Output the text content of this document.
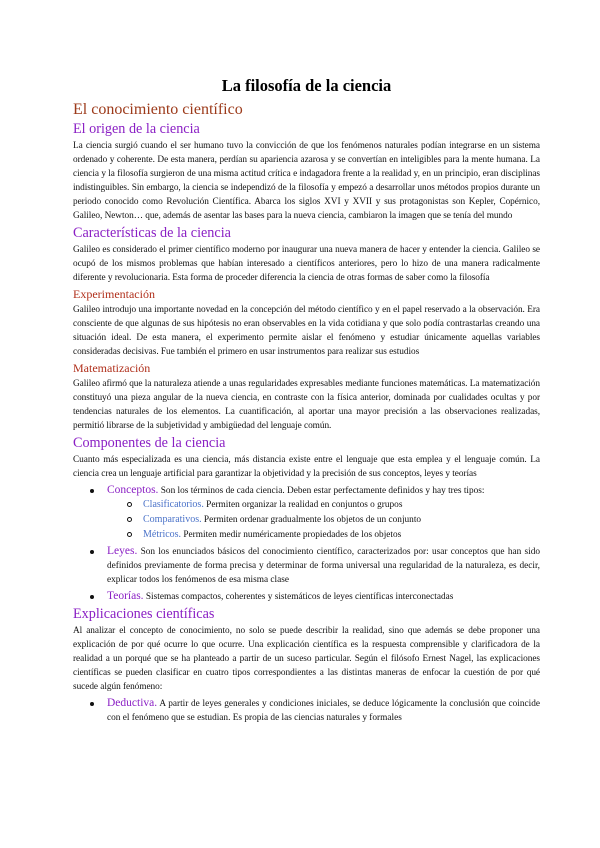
La filosofía de la ciencia
El conocimiento científico
El origen de la ciencia

La ciencia surgió cuando el ser humano tuvo la convicción de que los fenómenos naturales podían integrarse en un sistema ordenado y coherente. De esta manera, perdían su apariencia azarosa y se convertían en inteligibles para la mente humana. La ciencia y la filosofía surgieron de una misma actitud crítica e indagadora frente a la realidad y, en un principio, eran disciplinas indistinguibles. Sin embargo, la ciencia se independizó de la filosofía y empezó a desarrollar unos métodos propios durante un periodo conocido como Revolución Científica. Abarca los siglos XVI y XVII y sus protagonistas son Kepler, Copérnico, Galileo, Newton… que, además de asentar las bases para la nueva ciencia, cambiaron la imagen que se tenía del mundo

Características de la ciencia

Galileo es considerado el primer científico moderno por inaugurar una nueva manera de hacer y entender la ciencia. Galileo se ocupó de los mismos problemas que habían interesado a científicos anteriores, pero lo hizo de una manera radicalmente diferente y revolucionaria. Esta forma de proceder diferencia la ciencia de otras formas de saber como la filosofía

Experimentación

Galileo introdujo una importante novedad en la concepción del método científico y en el papel reservado a la observación. Era consciente de que algunas de sus hipótesis no eran observables en la vida cotidiana y que solo podía contrastarlas creando una situación ideal. De esta manera, el experimento permite aislar el fenómeno y estudiar únicamente aquellas variables consideradas decisivas. Fue también el primero en usar instrumentos para realizar sus estudios

Matematización

Galileo afirmó que la naturaleza atiende a unas regularidades expresables mediante funciones matemáticas. La matematización constituyó una pieza angular de la nueva ciencia, en contraste con la física anterior, dominada por cualidades ocultas y por tendencias naturales de los elementos. La cuantificación, al aportar una mayor precisión a las observaciones realizadas, permitió librarse de la subjetividad y ambigüedad del lenguaje común.

Componentes de la ciencia

Cuanto más especializada es una ciencia, más distancia existe entre el lenguaje que esta emplea y el lenguaje común. La ciencia crea un lenguaje artificial para garantizar la objetividad y la precisión de sus conceptos, leyes y teorías

Conceptos. Son los términos de cada ciencia. Deben estar perfectamente definidos y hay tres tipos:
Clasificatorios. Permiten organizar la realidad en conjuntos o grupos
Comparativos. Permiten ordenar gradualmente los objetos de un conjunto
Métricos. Permiten medir numéricamente propiedades de los objetos
Leyes. Son los enunciados básicos del conocimiento científico, caracterizados por: usar conceptos que han sido definidos previamente de forma precisa y determinar de forma universal una regularidad de la naturaleza, es decir, explicar todos los fenómenos de esa misma clase
Teorías. Sistemas compactos, coherentes y sistemáticos de leyes científicas interconectadas
Explicaciones científicas

Al analizar el concepto de conocimiento, no solo se puede describir la realidad, sino que además se debe proponer una explicación de por qué ocurre lo que ocurre. Una explicación científica es la respuesta comprensible y clarificadora de la realidad a un porqué que se ha planteado a partir de un suceso particular. Según el filósofo Ernest Nagel, las explicaciones científicas se pueden clasificar en cuatro tipos correspondientes a las distintas maneras de enfocar la cuestión de por qué sucede algún fenómeno:

Deductiva. A partir de leyes generales y condiciones iniciales, se deduce lógicamente la conclusión que coincide con el fenómeno que se estudian. Es propia de las ciencias naturales y formales
